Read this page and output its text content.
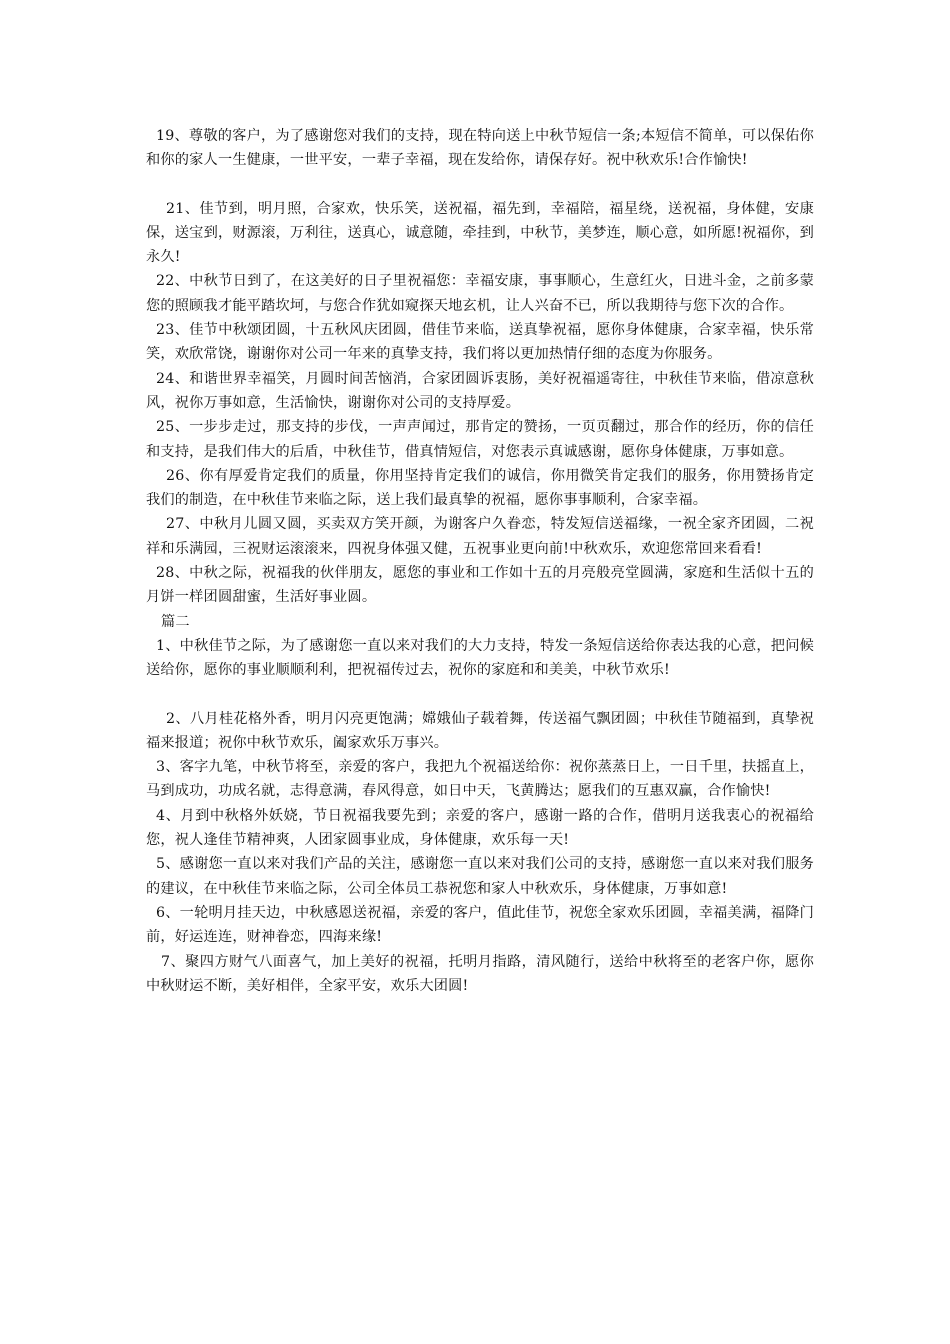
19、尊敬的客户，为了感谢您对我们的支持，现在特向送上中秋节短信一条;本短信不简单，可以保佑你和你的家人一生健康，一世平安，一辈子幸福，现在发给你，请保存好。祝中秋欢乐!合作愉快!

21、佳节到，明月照，合家欢，快乐笑，送祝福，福先到，幸福陪，福星绕，送祝福，身体健，安康保，送宝到，财源滚，万利往，送真心，诚意随，牵挂到，中秋节，美梦连，顺心意，如所愿!祝福你，到永久!

22、中秋节日到了，在这美好的日子里祝福您：幸福安康，事事顺心，生意红火，日进斗金，之前多蒙您的照顾我才能平踏坎坷，与您合作犹如窥探天地玄机，让人兴奋不已，所以我期待与您下次的合作。

23、佳节中秋颂团圆，十五秋风庆团圆，借佳节来临，送真挚祝福，愿你身体健康，合家幸福，快乐常笑，欢欣常饶，谢谢你对公司一年来的真挚支持，我们将以更加热情仔细的态度为你服务。

24、和谐世界幸福笑，月圆时间苦恼消，合家团圆诉衷肠，美好祝福遥寄往，中秋佳节来临，借凉意秋风，祝你万事如意，生活愉快，谢谢你对公司的支持厚爱。

25、一步步走过，那支持的步伐，一声声闻过，那肯定的赞扬，一页页翻过，那合作的经历，你的信任和支持，是我们伟大的后盾，中秋佳节，借真情短信，对您表示真诚感谢，愿你身体健康，万事如意。

26、你有厚爱肯定我们的质量，你用坚持肯定我们的诚信，你用微笑肯定我们的服务，你用赞扬肯定我们的制造，在中秋佳节来临之际，送上我们最真挚的祝福，愿你事事顺利，合家幸福。

27、中秋月儿圆又圆，买卖双方笑开颜，为谢客户久眷恋，特发短信送福缘，一祝全家齐团圆，二祝祥和乐满园，三祝财运滚滚来，四祝身体强又健，五祝事业更向前!中秋欢乐，欢迎您常回来看看!

28、中秋之际，祝福我的伙伴朋友，愿您的事业和工作如十五的月亮般亮堂圆满，家庭和生活似十五的月饼一样团圆甜蜜，生活好事业圆。

篇二

1、中秋佳节之际，为了感谢您一直以来对我们的大力支持，特发一条短信送给你表达我的心意，把问候送给你，愿你的事业顺顺利利，把祝福传过去，祝你的家庭和和美美，中秋节欢乐!

2、八月桂花格外香，明月闪亮更饱满；嫦娥仙子载着舞，传送福气飘团圆；中秋佳节随福到，真挚祝福来报道；祝你中秋节欢乐，阖家欢乐万事兴。

3、客字九笔，中秋节将至，亲爱的客户，我把九个祝福送给你：祝你蒸蒸日上，一日千里，扶摇直上，马到成功，功成名就，志得意满，春风得意，如日中天，飞黄腾达；愿我们的互惠双赢，合作愉快!

4、月到中秋格外妖娆，节日祝福我要先到；亲爱的客户，感谢一路的合作，借明月送我衷心的祝福给您，祝人逢佳节精神爽，人团家圆事业成，身体健康，欢乐每一天!

5、感谢您一直以来对我们产品的关注，感谢您一直以来对我们公司的支持，感谢您一直以来对我们服务的建议，在中秋佳节来临之际，公司全体员工恭祝您和家人中秋欢乐，身体健康，万事如意!

6、一轮明月挂天边，中秋感恩送祝福，亲爱的客户，值此佳节，祝您全家欢乐团圆，幸福美满，福降门前，好运连连，财神眷恋，四海来缘!

7、聚四方财气八面喜气，加上美好的祝福，托明月指路，清风随行，送给中秋将至的老客户你，愿你中秋财运不断，美好相伴，全家平安，欢乐大团圆!
